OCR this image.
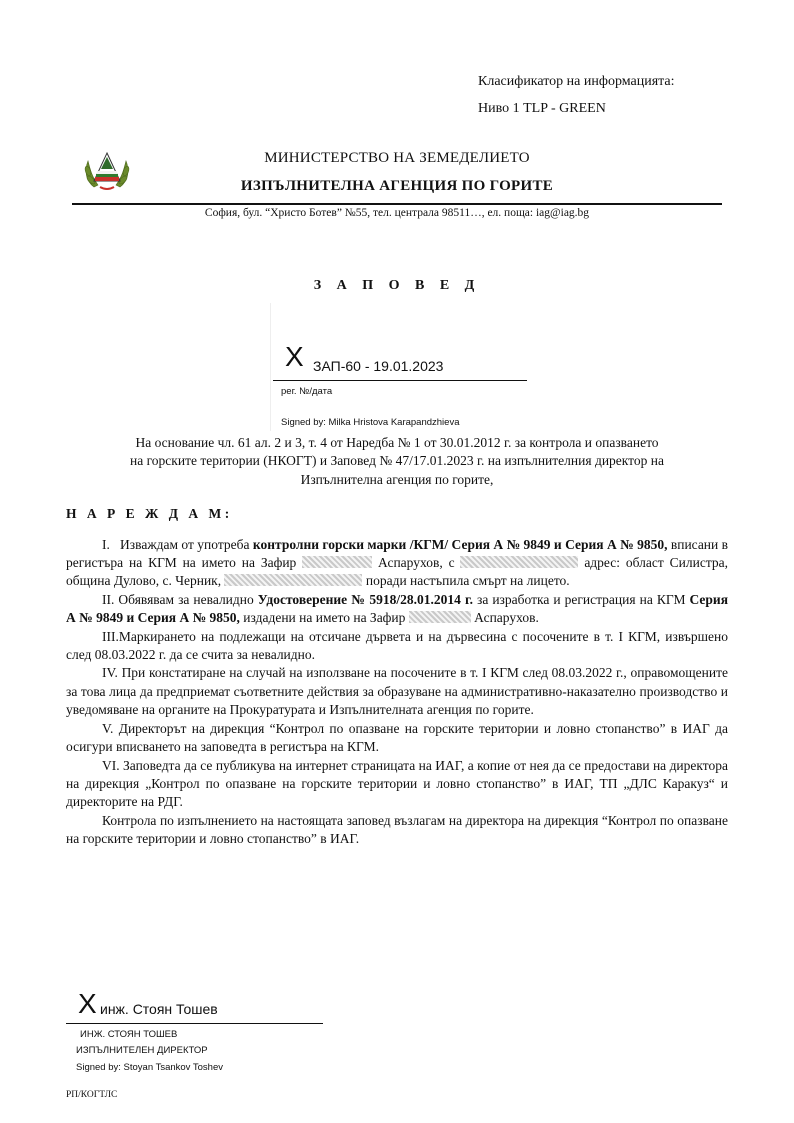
Класификатор на информацията:
Ниво 1 TLP - GREEN
МИНИСТЕРСТВО НА ЗЕМЕДЕЛИЕТО
ИЗПЪЛНИТЕЛНА АГЕНЦИЯ ПО ГОРИТЕ
София, бул. “Христо Ботев” №55, тел. централа 98511…, ел. поща: iag@iag.bg
З А П О В Е Д
X ЗАП-60 - 19.01.2023
рег. №/дата
Signed by: Milka Hristova Karapandzhieva

На основание чл. 61 ал. 2 и 3, т. 4 от Наредба № 1 от 30.01.2012 г. за контрола и опазването

на горските територии (НКОГТ) и Заповед № 47/17.01.2023 г. на изпълнителния директор на

Изпълнителна агенция по горите,

Н А Р Е Ж Д А М:

I. Изваждам от употреба контролни горски марки /КГМ/ Серия А № 9849 и Серия А № 9850, вписани в регистъра на КГМ на името на Зафир	Аспарухов, с	адрес: област Силистра, община Дулово, с. Черник,	поради настъпила смърт на лицето.

II. Обявявам за невалидно Удостоверение № 5918/28.01.2014 г. за изработка и регистрация на КГМ Серия А № 9849 и Серия А № 9850, издадени на името на Зафир	Аспарухов.

III.Маркирането на подлежащи на отсичане дървета и на дървесина с посочените в т. I КГМ, извършено след 08.03.2022 г. да се счита за невалидно.

IV. При констатиране на случай на използване на посочените в т. I КГМ след 08.03.2022 г., оправомощените за това лица да предприемат съответните действия за образуване на административно-наказателно производство и уведомяване на органите на Прокуратурата и Изпълнителната агенция по горите.

V. Директорът на дирекция “Контрол по опазване на горските територии и ловно стопанство” в ИАГ да осигури вписването на заповедта в регистъра на КГМ.

VI. Заповедта да се публикува на интернет страницата на ИАГ, а копие от нея да се предостави на директора на дирекция „Контрол по опазване на горските територии и ловно стопанство” в ИАГ, ТП „ДЛС Каракуз“ и директорите на РДГ.

Контрола по изпълнението на настоящата заповед възлагам на директора на дирекция “Контрол по опазване на горските територии и ловно стопанство” в ИАГ.

X инж. Стоян Тошев
ИНЖ. СТОЯН ТОШЕВ
ИЗПЪЛНИТЕЛЕН ДИРЕКТОР
Signed by: Stoyan Tsankov Toshev
РП/КОГТЛС
